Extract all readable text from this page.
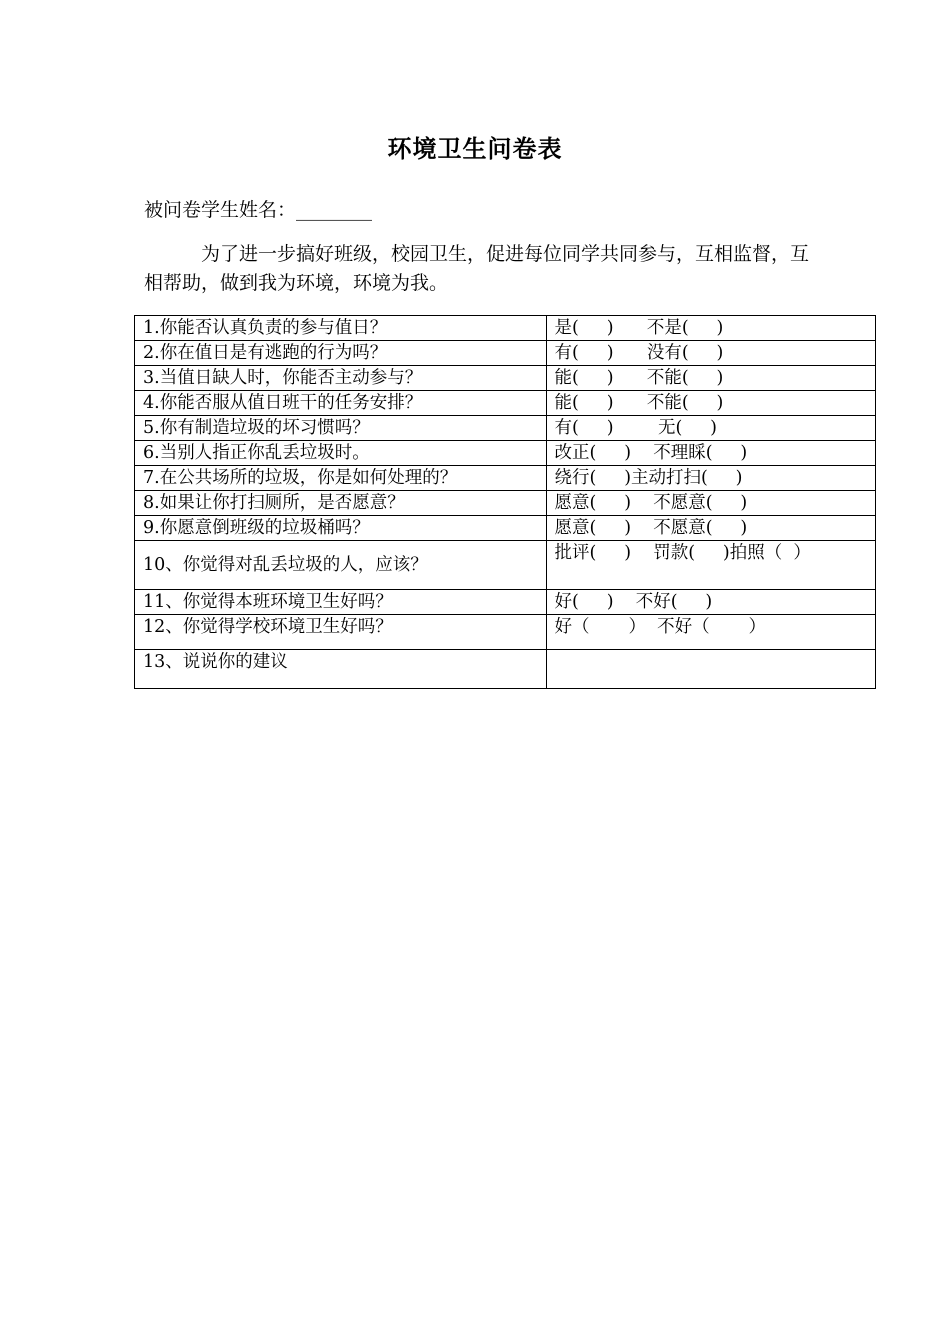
环境卫生问卷表
被问卷学生姓名：________
为了进一步搞好班级，校园卫生，促进每位同学共同参与，互相监督，互相帮助，做到我为环境，环境为我。
1.你能否认真负责的参与值日？	是(     )      不是(     )
2.你在值日是有逃跑的行为吗？	有(     )      没有(     )
3.当值日缺人时，你能否主动参与？	能(     )      不能(     )
4.你能否服从值日班干的任务安排？	能(     )      不能(     )
5.你有制造垃圾的坏习惯吗？	有(     )        无(     )
6.当别人指正你乱丢垃圾时。	改正(     )    不理睬(     )
7.在公共场所的垃圾，你是如何处理的？	绕行(     )主动打扫(     )
8.如果让你打扫厕所，是否愿意？	愿意(     )    不愿意(     )
9.你愿意倒班级的垃圾桶吗？	愿意(     )    不愿意(     )
10、你觉得对乱丢垃圾的人，应该？	批评(     )    罚款(     )拍照（  ）
11、你觉得本班环境卫生好吗？	好(     )    不好(     )
12、你觉得学校环境卫生好吗？	好（       ）  不好（       ）
13、说说你的建议	
